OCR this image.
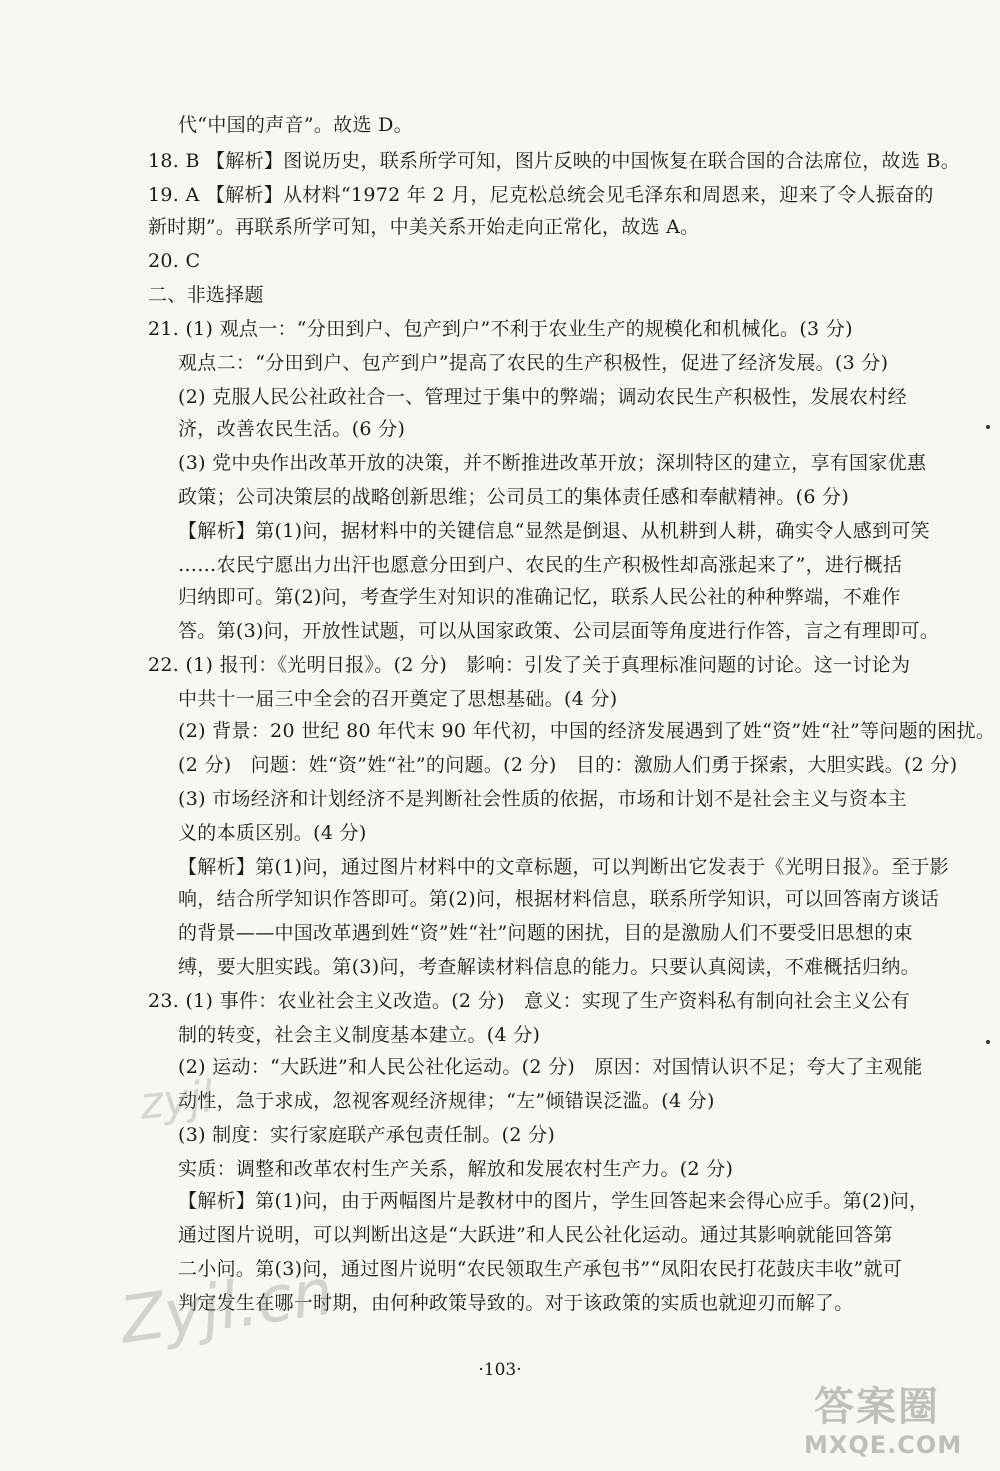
代“中国的声音”。故选 D。
18. B 【解析】图说历史，联系所学可知，图片反映的中国恢复在联合国的合法席位，故选 B。
19. A 【解析】从材料“1972 年 2 月，尼克松总统会见毛泽东和周恩来，迎来了令人振奋的
新时期”。再联系所学可知，中美关系开始走向正常化，故选 A。
20. C
二、非选择题
21. (1) 观点一：“分田到户、包产到户”不利于农业生产的规模化和机械化。(3 分)
观点二：“分田到户、包产到户”提高了农民的生产积极性，促进了经济发展。(3 分)
(2) 克服人民公社政社合一、管理过于集中的弊端；调动农民生产积极性，发展农村经
济，改善农民生活。(6 分)
(3) 党中央作出改革开放的决策，并不断推进改革开放；深圳特区的建立，享有国家优惠
政策；公司决策层的战略创新思维；公司员工的集体责任感和奉献精神。(6 分)
【解析】第(1)问，据材料中的关键信息“显然是倒退、从机耕到人耕，确实令人感到可笑
……农民宁愿出力出汗也愿意分田到户、农民的生产积极性却高涨起来了”，进行概括
归纳即可。第(2)问，考查学生对知识的准确记忆，联系人民公社的种种弊端，不难作
答。第(3)问，开放性试题，可以从国家政策、公司层面等角度进行作答，言之有理即可。
22. (1) 报刊：《光明日报》。(2 分)　影响：引发了关于真理标准问题的讨论。这一讨论为
中共十一届三中全会的召开奠定了思想基础。(4 分)
(2) 背景：20 世纪 80 年代末 90 年代初，中国的经济发展遇到了姓“资”姓“社”等问题的困扰。
(2 分)　问题：姓“资”姓“社”的问题。(2 分)　目的：激励人们勇于探索，大胆实践。(2 分)
(3) 市场经济和计划经济不是判断社会性质的依据，市场和计划不是社会主义与资本主
义的本质区别。(4 分)
【解析】第(1)问，通过图片材料中的文章标题，可以判断出它发表于《光明日报》。至于影
响，结合所学知识作答即可。第(2)问，根据材料信息，联系所学知识，可以回答南方谈话
的背景——中国改革遇到姓“资”姓“社”问题的困扰，目的是激励人们不要受旧思想的束
缚，要大胆实践。第(3)问，考查解读材料信息的能力。只要认真阅读，不难概括归纳。
23. (1) 事件：农业社会主义改造。(2 分)　意义：实现了生产资料私有制向社会主义公有
制的转变，社会主义制度基本建立。(4 分)
(2) 运动：“大跃进”和人民公社化运动。(2 分)　原因：对国情认识不足；夸大了主观能
动性，急于求成，忽视客观经济规律；“左”倾错误泛滥。(4 分)
(3) 制度：实行家庭联产承包责任制。(2 分)
实质：调整和改革农村生产关系，解放和发展农村生产力。(2 分)
【解析】第(1)问，由于两幅图片是教材中的图片，学生回答起来会得心应手。第(2)问，
通过图片说明，可以判断出这是“大跃进”和人民公社化运动。通过其影响就能回答第
二小问。第(3)问，通过图片说明“农民领取生产承包书”“凤阳农民打花鼓庆丰收”就可
判定发生在哪一时期，由何种政策导致的。对于该政策的实质也就迎刃而解了。
zyjl
Zyjl.cn
·103·
答案圈
MXQE.COM
